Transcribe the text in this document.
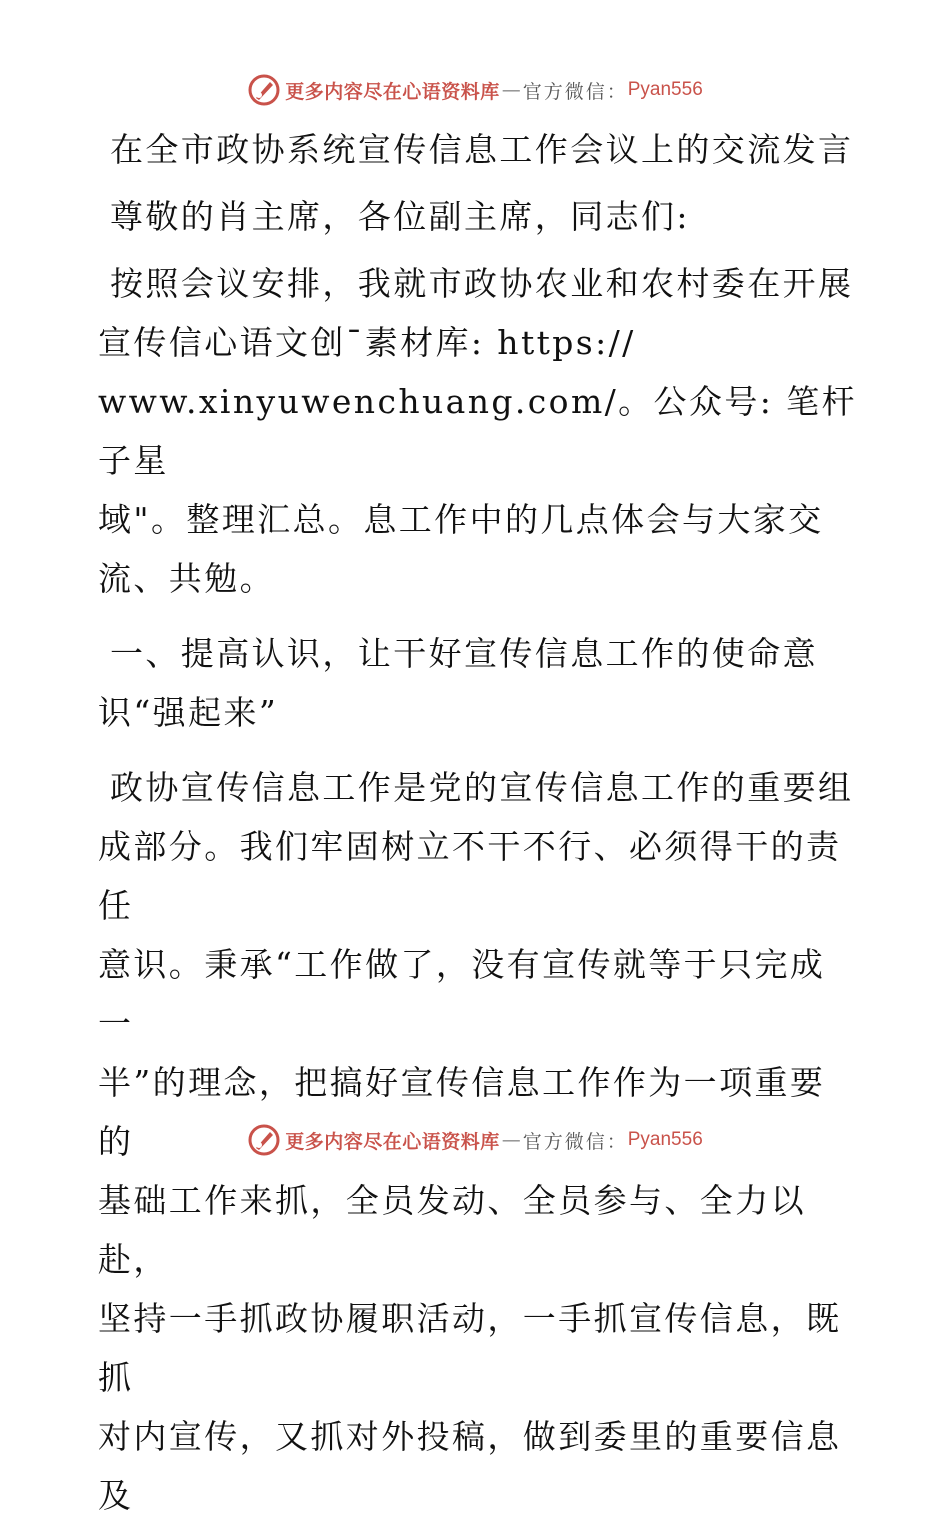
更多内容尽在心语资料库 — 官方微信： Pyan556

在全市政协系统宣传信息工作会议上的交流发言

尊敬的肖主席，各位副主席，同志们:

按照会议安排，我就市政协农业和农村委在开展

宣传信心语文创¯素材库: https://

www.xinyuwenchuang.com/。公众号: 笔杆子星

域"。整理汇总。息工作中的几点体会与大家交

流、共勉。

一、提高认识，让干好宣传信息工作的使命意

识“强起来”

政协宣传信息工作是党的宣传信息工作的重要组

成部分。我们牢固树立不干不行、必须得干的责任

意识。秉承“工作做了，没有宣传就等于只完成一

半”的理念，把搞好宣传信息工作作为一项重要的

基础工作来抓，全员发动、全员参与、全力以赴，

坚持一手抓政协履职活动，一手抓宣传信息，既抓

对内宣传，又抓对外投稿，做到委里的重要信息及

更多内容尽在心语资料库 — 官方微信： Pyan556
